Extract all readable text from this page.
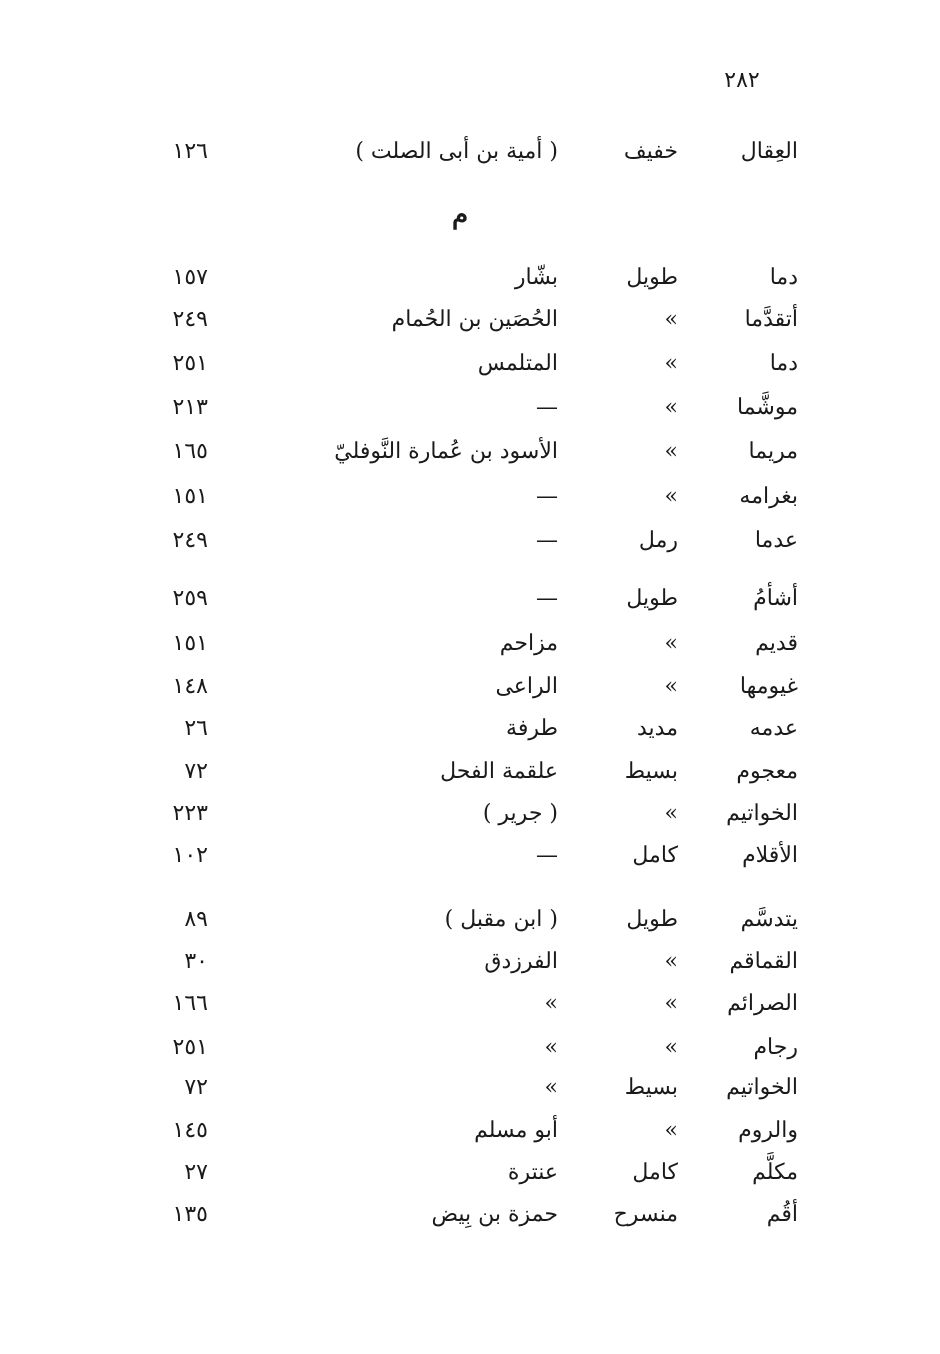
٢٨٢
العِقال
خفيف
( أمية بن أبى الصلت )
١٢٦
م
دما
طويل
بشّار
١٥٧
أتقدَّما
»
الحُصَين بن الحُمام
٢٤٩
دما
»
المتلمس
٢٥١
موشَّما
»
—
٢١٣
مريما
»
الأسود بن عُمارة النَّوفليّ
١٦٥
بغرامه
»
—
١٥١
عدما
رمل
—
٢٤٩
أشأمُ
طويل
—
٢٥٩
قديم
»
مزاحم
١٥١
غيومها
»
الراعى
١٤٨
عدمه
مديد
طرفة
٢٦
معجوم
بسيط
علقمة الفحل
٧٢
الخواتيم
»
( جرير )
٢٢٣
الأقلام
كامل
—
١٠٢
يتدسَّم
طويل
( ابن مقبل )
٨٩
القماقم
»
الفرزدق
٣٠
الصرائم
»
»
١٦٦
رجام
»
»
٢٥١
الخواتيم
بسيط
»
٧٢
والروم
»
أبو مسلم
١٤٥
مكلَّم
كامل
عنترة
٢٧
أقُم
منسرح
حمزة بن بِيض
١٣٥
